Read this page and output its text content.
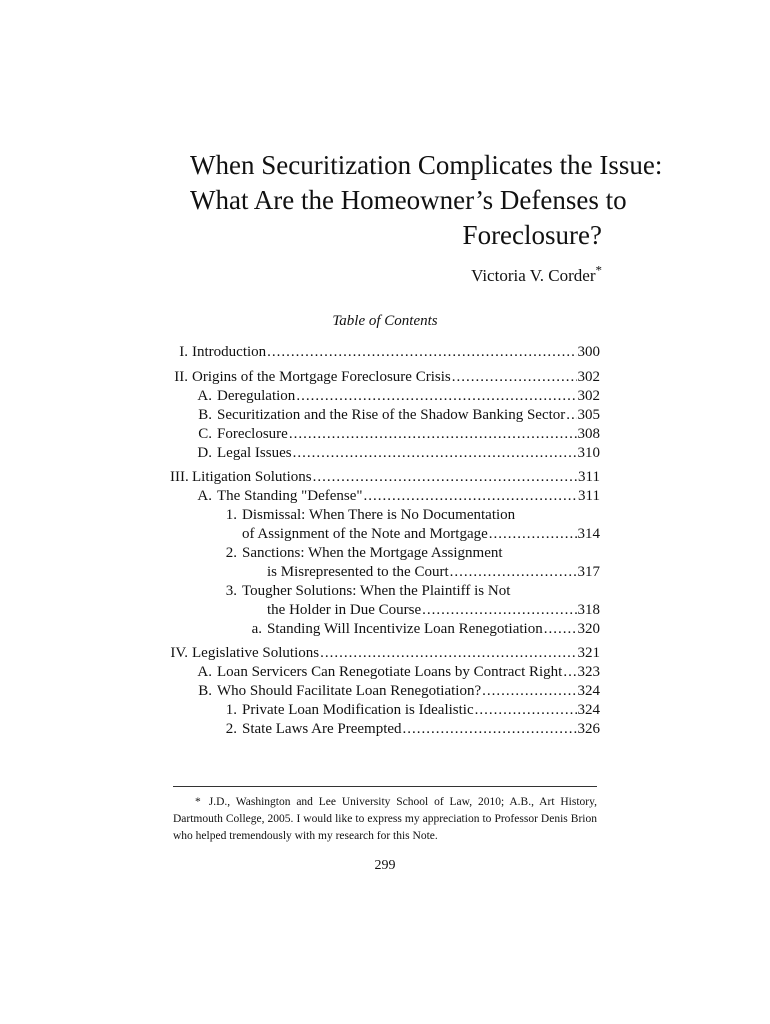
When Securitization Complicates the Issue:
What Are the Homeowner’s Defenses to
Foreclosure?
Victoria V. Corder*
Table of Contents
I. Introduction .....	300
II. Origins of the Mortgage Foreclosure Crisis .....	302
A. Deregulation .....	302
B. Securitization and the Rise of the Shadow Banking Sector ..... 305
C. Foreclosure .....	308
D. Legal Issues .....	310
III. Litigation Solutions .....	311
A. The Standing "Defense" .....	311
1. Dismissal: When There is No Documentation
of Assignment of the Note and Mortgage .....	314
2. Sanctions: When the Mortgage Assignment
is Misrepresented to the Court .....	317
3. Tougher Solutions: When the Plaintiff is Not
the Holder in Due Course .....	318
a. Standing Will Incentivize Loan Renegotiation ..... 320
IV. Legislative Solutions .....	321
A. Loan Servicers Can Renegotiate Loans by Contract Right ..... 323
B. Who Should Facilitate Loan Renegotiation? .....	324
1. Private Loan Modification is Idealistic .....	324
2. State Laws Are Preempted .....	326
* J.D., Washington and Lee University School of Law, 2010; A.B., Art History, Dartmouth College, 2005. I would like to express my appreciation to Professor Denis Brion who helped tremendously with my research for this Note.
299
